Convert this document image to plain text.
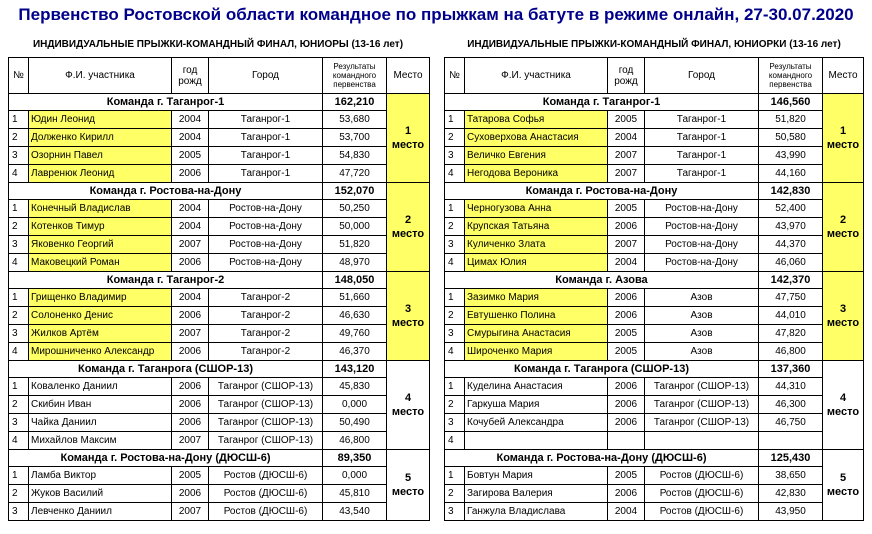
Первенство Ростовской области командное по прыжкам на батуте в режиме онлайн, 27-30.07.2020
ИНДИВИДУАЛЬНЫЕ ПРЫЖКИ-КОМАНДНЫЙ ФИНАЛ, ЮНИОРЫ (13-16 лет)	ИНДИВИДУАЛЬНЫЕ ПРЫЖКИ-КОМАНДНЫЙ ФИНАЛ, ЮНИОРКИ (13-16 лет)
№	Ф.И. участника	год рожд	Город	Результаты командного первенства	Место
Команда г. Таганрог-1				162,210	1 место
1	Юдин Леонид	2004	Таганрог-1	53,680	
2	Долженко Кирилл	2004	Таганрог-1	53,700	
3	Озорнин Павел	2005	Таганрог-1	54,830	
4	Лавренюк Леонид	2006	Таганрог-1	47,720	
Команда г. Ростова-на-Дону				152,070	2 место
1	Конечный Владислав	2004	Ростов-на-Дону	50,250	
2	Котенков Тимур	2004	Ростов-на-Дону	50,000	
3	Яковенко Георгий	2007	Ростов-на-Дону	51,820	
4	Маковецкий Роман	2006	Ростов-на-Дону	48,970	
Команда г. Таганрог-2				148,050	3 место
1	Грищенко Владимир	2004	Таганрог-2	51,660	
2	Солоненко Денис	2006	Таганрог-2	46,630	
3	Жилков Артём	2007	Таганрог-2	49,760	
4	Мирошниченко Александр	2006	Таганрог-2	46,370	
Команда г. Таганрога (СШОР-13)				143,120	4 место
1	Коваленко Даниил	2006	Таганрог (СШОР-13)	45,830	
2	Скибин Иван	2006	Таганрог (СШОР-13)	0,000	
3	Чайка Даниил	2006	Таганрог (СШОР-13)	50,490	
4	Михайлов Максим	2007	Таганрог (СШОР-13)	46,800	
Команда г. Ростова-на-Дону (ДЮСШ-6)				89,350	5 место
1	Ламба Виктор	2005	Ростов (ДЮСШ-6)	0,000	
2	Жуков Василий	2006	Ростов (ДЮСШ-6)	45,810	
3	Левченко Даниил	2007	Ростов (ДЮСШ-6)	43,540	
№	Ф.И. участника	год рожд	Город	Результаты командного первенства	Место
Команда г. Таганрог-1				146,560	1 место
1	Татарова Софья	2005	Таганрог-1	51,820	
2	Суховерхова Анастасия	2004	Таганрог-1	50,580	
3	Величко Евгения	2007	Таганрог-1	43,990	
4	Негодова Вероника	2007	Таганрог-1	44,160	
Команда г. Ростова-на-Дону				142,830	2 место
1	Черногузова Анна	2005	Ростов-на-Дону	52,400	
2	Крупская Татьяна	2006	Ростов-на-Дону	43,970	
3	Куличенко Злата	2007	Ростов-на-Дону	44,370	
4	Цимах Юлия	2004	Ростов-на-Дону	46,060	
Команда г. Азова				142,370	3 место
1	Зазимко Мария	2006	Азов	47,750	
2	Евтушенко Полина	2006	Азов	44,010	
3	Смурыгина Анастасия	2005	Азов	47,820	
4	Широченко Мария	2005	Азов	46,800	
Команда г. Таганрога (СШОР-13)				137,360	4 место
1	Куделина Анастасия	2006	Таганрог (СШОР-13)	44,310	
2	Гаркуша Мария	2006	Таганрог (СШОР-13)	46,300	
3	Кочубей Александра	2006	Таганрог (СШОР-13)	46,750	
4					
Команда г. Ростова-на-Дону (ДЮСШ-6)				125,430	5 место
1	Бовтун Мария	2005	Ростов (ДЮСШ-6)	38,650	
2	Загирова Валерия	2006	Ростов (ДЮСШ-6)	42,830	
3	Ганжула Владислава	2004	Ростов (ДЮСШ-6)	43,950	
